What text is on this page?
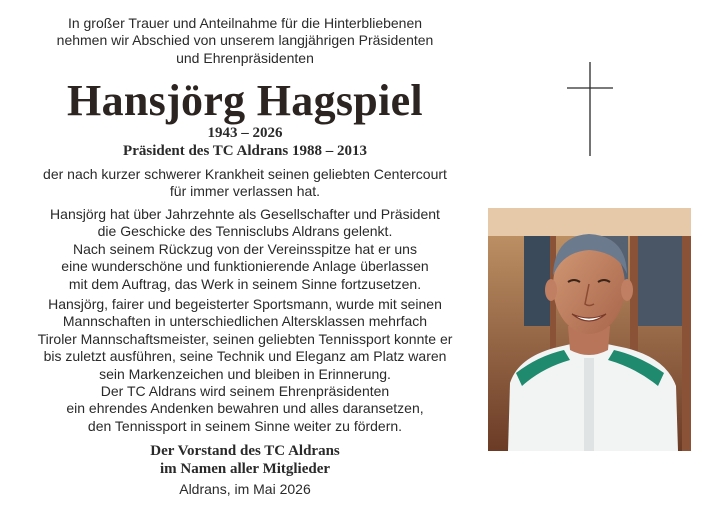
In großer Trauer und Anteilnahme für die Hinterbliebenen

nehmen wir Abschied von unserem langjährigen Präsidenten

und Ehrenpräsidenten

Hansjörg Hagspiel
1943 – 2026
Präsident des TC Aldrans 1988 – 2013

der nach kurzer schwerer Krankheit seinen geliebten Centercourt

für immer verlassen hat.

Hansjörg hat über Jahrzehnte als Gesellschafter und Präsident

die Geschicke des Tennisclubs Aldrans gelenkt.

Nach seinem Rückzug von der Vereinsspitze hat er uns

eine wunderschöne und funktionierende Anlage überlassen

mit dem Auftrag, das Werk in seinem Sinne fortzusetzen.

Hansjörg, fairer und begeisterter Sportsmann, wurde mit seinen

Mannschaften in unterschiedlichen Altersklassen mehrfach

Tiroler Mannschaftsmeister, seinen geliebten Tennissport konnte er

bis zuletzt ausführen, seine Technik und Eleganz am Platz waren

sein Markenzeichen und bleiben in Erinnerung.

Der TC Aldrans wird seinem Ehrenpräsidenten

ein ehrendes Andenken bewahren und alles daransetzen,

den Tennissport in seinem Sinne weiter zu fördern.

Der Vorstand des TC Aldrans
im Namen aller Mitglieder

Aldrans, im Mai 2026
